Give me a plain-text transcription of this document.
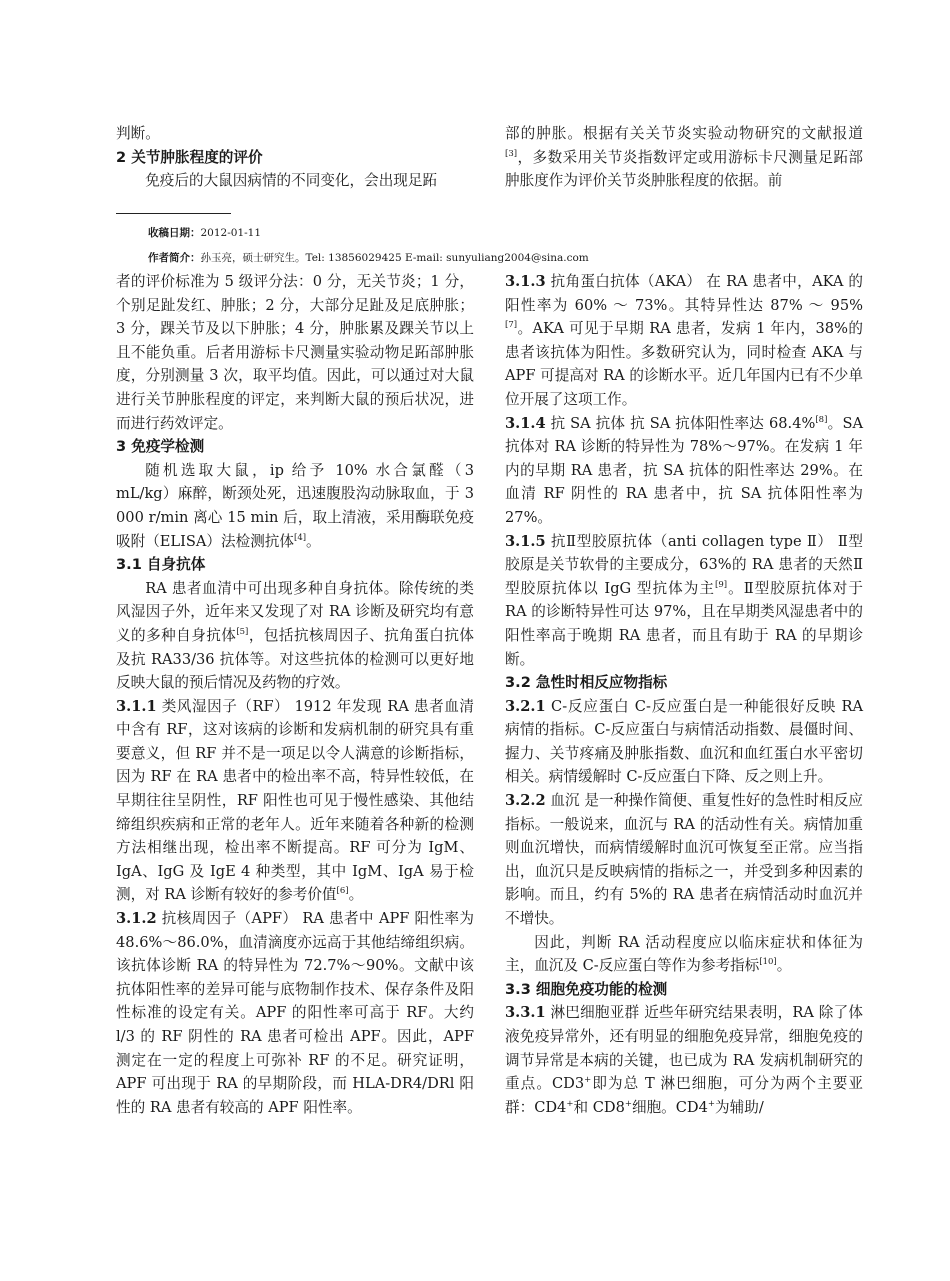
判断。

2 关节肿胀程度的评价

免疫后的大鼠因病情的不同变化，会出现足跖

部的肿胀。根据有关关节炎实验动物研究的文献报道[3]，多数采用关节炎指数评定或用游标卡尺测量足跖部肿胀度作为评价关节炎肿胀程度的依据。前

收稿日期：2012-01-11
作者简介：孙玉亮，硕士研究生。Tel: 13856029425 E-mail: sunyuliang2004@sina.com

者的评价标准为 5 级评分法：0 分，无关节炎；1 分，个别足趾发红、肿胀；2 分，大部分足趾及足底肿胀；3 分，踝关节及以下肿胀；4 分，肿胀累及踝关节以上且不能负重。后者用游标卡尺测量实验动物足跖部肿胀度，分别测量 3 次，取平均值。因此，可以通过对大鼠进行关节肿胀程度的评定，来判断大鼠的预后状况，进而进行药效评定。

3 免疫学检测

随机选取大鼠，ip 给予 10% 水合氯醛（3 mL/kg）麻醉，断颈处死，迅速腹股沟动脉取血，于 3 000 r/min 离心 15 min 后，取上清液，采用酶联免疫吸附（ELISA）法检测抗体[4]。

3.1 自身抗体

RA 患者血清中可出现多种自身抗体。除传统的类风湿因子外，近年来又发现了对 RA 诊断及研究均有意义的多种自身抗体[5]，包括抗核周因子、抗角蛋白抗体及抗 RA33/36 抗体等。对这些抗体的检测可以更好地反映大鼠的预后情况及药物的疗效。

3.1.1 类风湿因子（RF） 1912 年发现 RA 患者血清中含有 RF，这对该病的诊断和发病机制的研究具有重要意义，但 RF 并不是一项足以令人满意的诊断指标，因为 RF 在 RA 患者中的检出率不高，特异性较低，在早期往往呈阴性，RF 阳性也可见于慢性感染、其他结缔组织疾病和正常的老年人。近年来随着各种新的检测方法相继出现，检出率不断提高。RF 可分为 IgM、IgA、IgG 及 IgE 4 种类型，其中 IgM、IgA 易于检测，对 RA 诊断有较好的参考价值[6]。

3.1.2 抗核周因子（APF） RA 患者中 APF 阳性率为 48.6%～86.0%，血清滴度亦远高于其他结缔组织病。该抗体诊断 RA 的特异性为 72.7%～90%。文献中该抗体阳性率的差异可能与底物制作技术、保存条件及阳性标准的设定有关。APF 的阳性率可高于 RF。大约 l/3 的 RF 阴性的 RA 患者可检出 APF。因此，APF 测定在一定的程度上可弥补 RF 的不足。研究证明，APF 可出现于 RA 的早期阶段，而 HLA-DR4/DRl 阳性的 RA 患者有较高的 APF 阳性率。

3.1.3 抗角蛋白抗体（AKA） 在 RA 患者中，AKA 的阳性率为 60% ～ 73%。其特异性达 87% ～ 95%[7]。AKA 可见于早期 RA 患者，发病 1 年内，38%的患者该抗体为阳性。多数研究认为，同时检查 AKA 与 APF 可提高对 RA 的诊断水平。近几年国内已有不少单位开展了这项工作。

3.1.4 抗 SA 抗体 抗 SA 抗体阳性率达 68.4%[8]。SA 抗体对 RA 诊断的特异性为 78%～97%。在发病 1 年内的早期 RA 患者，抗 SA 抗体的阳性率达 29%。在血清 RF 阴性的 RA 患者中，抗 SA 抗体阳性率为 27%。

3.1.5 抗Ⅱ型胶原抗体（anti collagen type Ⅱ） Ⅱ型胶原是关节软骨的主要成分，63%的 RA 患者的天然Ⅱ型胶原抗体以 IgG 型抗体为主[9]。Ⅱ型胶原抗体对于 RA 的诊断特异性可达 97%，且在早期类风湿患者中的阳性率高于晚期 RA 患者，而且有助于 RA 的早期诊断。

3.2 急性时相反应物指标

3.2.1 C-反应蛋白 C-反应蛋白是一种能很好反映 RA 病情的指标。C-反应蛋白与病情活动指数、晨僵时间、握力、关节疼痛及肿胀指数、血沉和血红蛋白水平密切相关。病情缓解时 C-反应蛋白下降、反之则上升。

3.2.2 血沉 是一种操作简便、重复性好的急性时相反应指标。一般说来，血沉与 RA 的活动性有关。病情加重则血沉增快，而病情缓解时血沉可恢复至正常。应当指出，血沉只是反映病情的指标之一，并受到多种因素的影响。而且，约有 5%的 RA 患者在病情活动时血沉并不增快。

因此，判断 RA 活动程度应以临床症状和体征为主，血沉及 C-反应蛋白等作为参考指标[10]。

3.3 细胞免疫功能的检测

3.3.1 淋巴细胞亚群 近些年研究结果表明，RA 除了体液免疫异常外，还有明显的细胞免疫异常，细胞免疫的调节异常是本病的关键，也已成为 RA 发病机制研究的重点。CD3+即为总 T 淋巴细胞，可分为两个主要亚群：CD4+和 CD8+细胞。CD4+为辅助/
